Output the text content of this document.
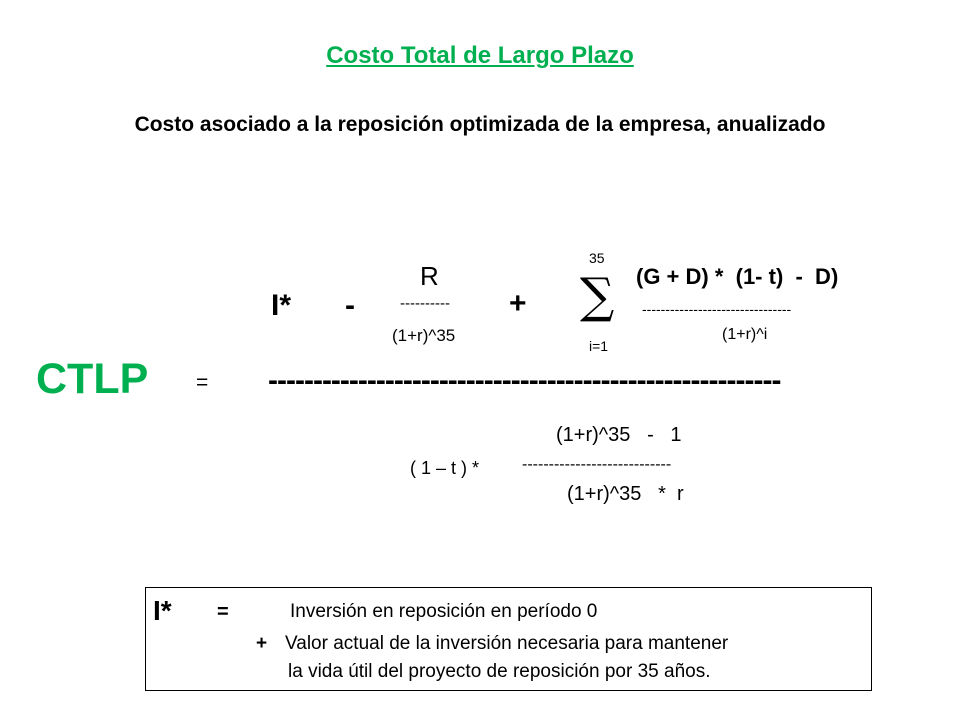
Costo Total de Largo Plazo
Costo asociado a la reposición optimizada de la empresa, anualizado
CTLP = ---------------------------------------------------------
I* -
R
----------
(1+r)^35
+
35
∑
i=1
(G + D) *  (1- t)  -  D)
--------------------------------
(1+r)^i
(1+r)^35   -   1
( 1 – t ) *	----------------------------
(1+r)^35   *  r
I* =	Inversión en reposición en período 0
+ Valor actual de la inversión necesaria para mantener
la vida útil del proyecto de reposición por 35 años.
